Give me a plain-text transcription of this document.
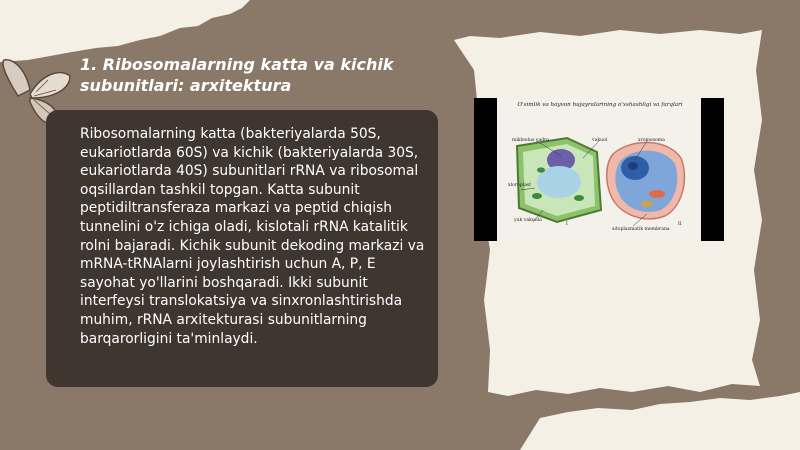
1. Ribosomalarning katta va kichik subunitlari: arxitektura
Ribosomalarning katta (bakteriyalarda 50S, eukariotlarda 60S) va kichik (bakteriyalarda 30S, eukariotlarda 40S) subunitlari rRNA va ribosomal oqsillardan tashkil topgan. Katta subunit peptidiltransferaza markazi va peptid chiqish tunnelini o'z ichiga oladi, kislotali rRNA katalitik rolni bajaradi. Kichik subunit dekoding markazi va mRNA-tRNAlarni joylashtirish uchun A, P, E sayohat yo'llarini boshqaradi. Ikki subunit interfeysi translokatsiya va sinxronlashtirishda muhim, rRNA arxitekturasi subunitlarning barqarorligini ta'minlaydi.
O'simlik va hayvon hujayralarining o'xshashligi va farqlari
mikleolus yadro	vakuol	xromosoma
xloroplast
yuk vakuola
sitoplazmatik membrana
I	II
